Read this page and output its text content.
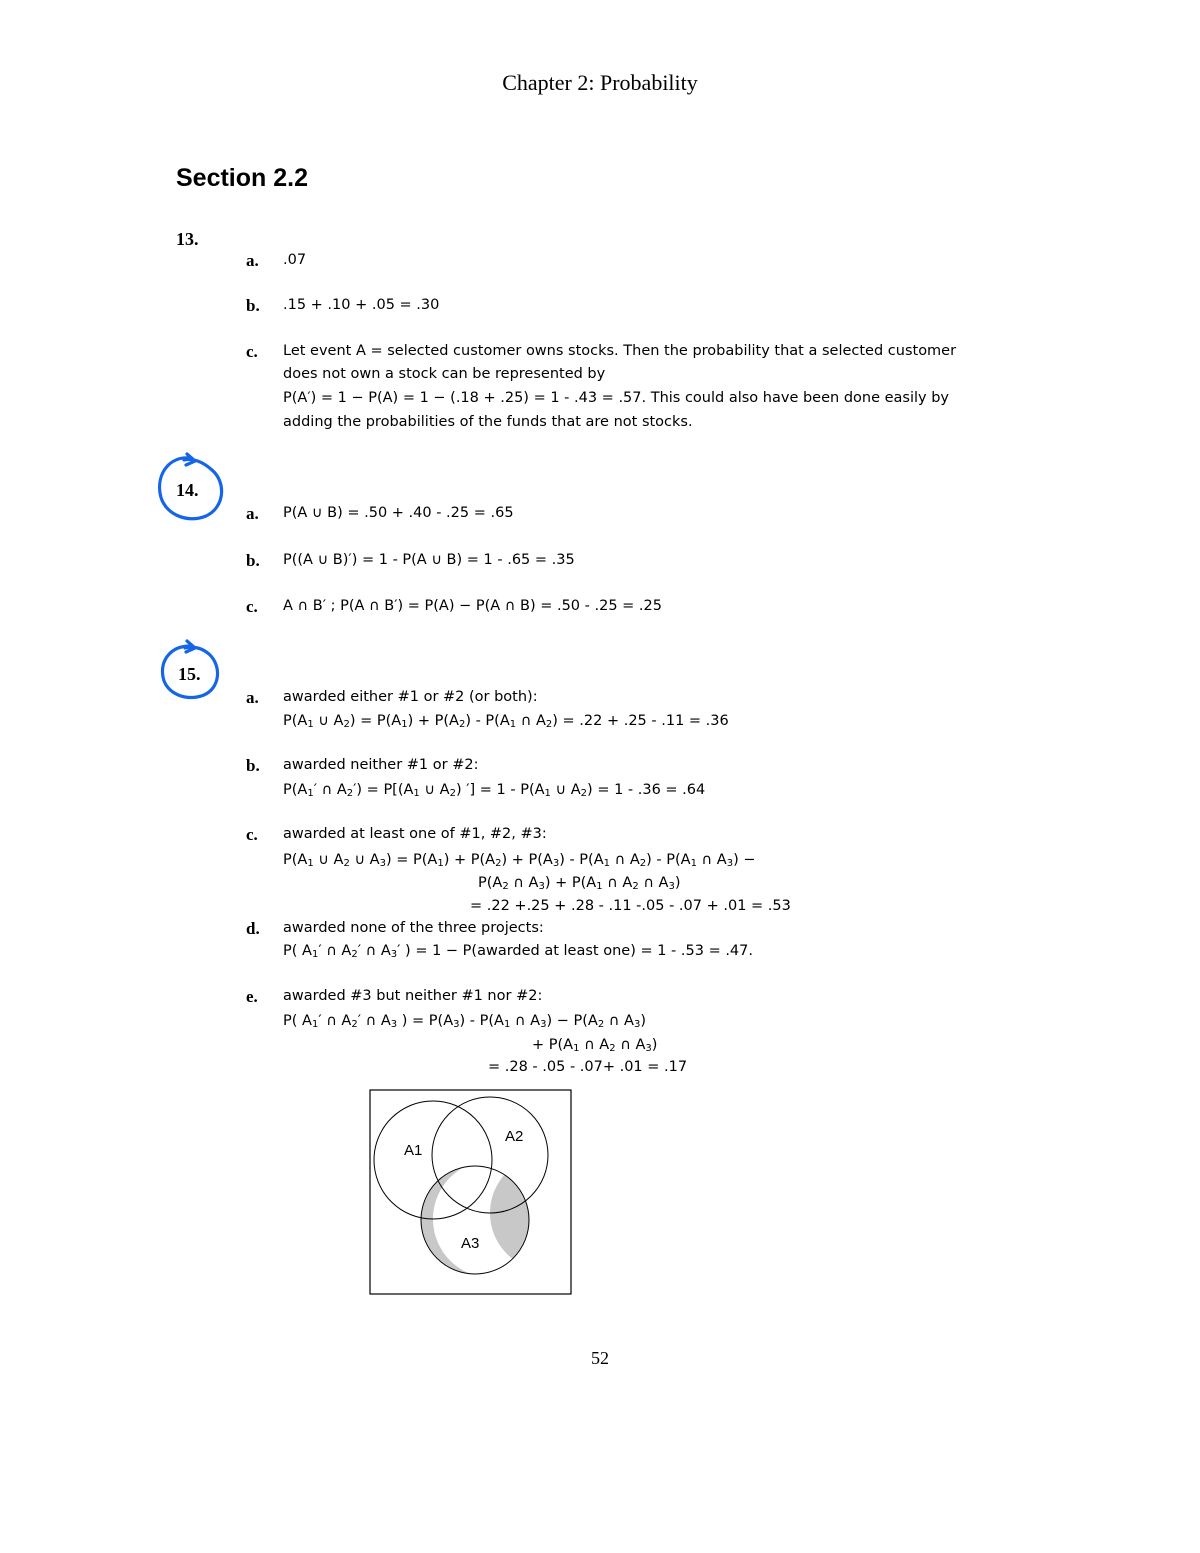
Chapter 2: Probability
Section 2.2
13.
a. .07
b. .15 + .10 + .05 = .30
c. Let event A = selected customer owns stocks. Then the probability that a selected customer
does not own a stock can be represented by
P(A′) = 1 − P(A) = 1 − (.18 + .25) = 1 - .43 = .57. This could also have been done easily by
adding the probabilities of the funds that are not stocks.
14.
a. P(A ∪ B) = .50 + .40 - .25 = .65
b. P((A ∪ B)′) = 1 - P(A ∪ B) = 1 - .65 = .35
c. A ∩ B′ ; P(A ∩ B′) = P(A) − P(A ∩ B) = .50 - .25 = .25
15.
a. awarded either #1 or #2 (or both):
$P(A_1$ ∪ $A_2) = P(A_1) + P(A_2) - P(A_1$ ∩ $A_2) = .22 + .25 - .11 = .36$
b. awarded neither #1 or #2:
$P(A_1'$ ∩ $A_2') = P[(A_1$ ∪ $A_2$) ′] = $1 - P(A_1$ ∪ $A_2) = 1 - .36 = .64$
c. awarded at least one of #1, #2, #3:
$P(A_1$ ∪ $A_2$ ∪ $A_3) = P(A_1) + P(A_2) + P(A_3) - P(A_1$ ∩ $A_2) - P(A_1$ ∩ $A_3$) −
$P(A_2$ ∩ $A_3) + P(A_1$ ∩ $A_2$ ∩ $A_3$)
= .22 +.25 + .28 - .11 -.05 - .07 + .01 = .53
d. awarded none of the three projects:
P( $A_1'$ ∩ $A_2'$ ∩ $A_3'$ ) = 1 − P(awarded at least one) = 1 - .53 = .47.
e. awarded #3 but neither #1 nor #2:
P( $A_1'$ ∩ $A_2'$ ∩ $A_3$ ) = $P(A_3) - P(A_1$ ∩ $A_3) - P(A_2$ ∩ $A_3$)
+ $P(A_1$ ∩ $A_2$ ∩ $A_3$)
= .28 - .05 - .07+ .01 = .17
A1
A2
A3
52
